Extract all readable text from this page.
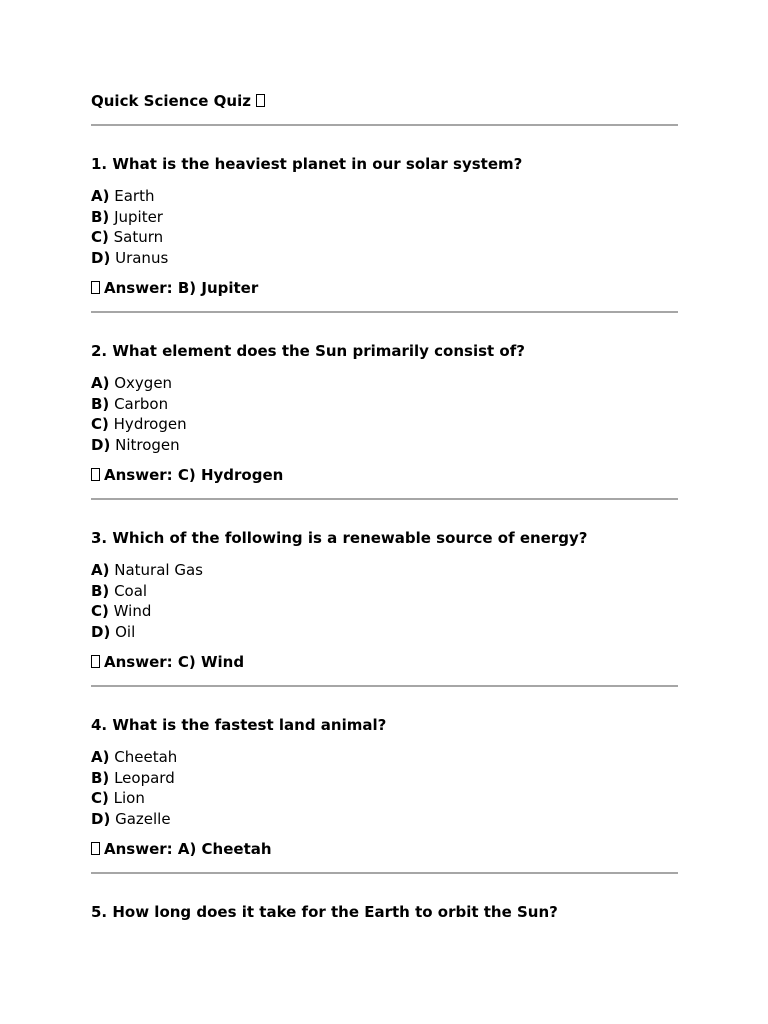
Quick Science Quiz

1. What is the heaviest planet in our solar system?

A) Earth
B) Jupiter
C) Saturn
D) Uranus
Answer: B) Jupiter

2. What element does the Sun primarily consist of?

A) Oxygen
B) Carbon
C) Hydrogen
D) Nitrogen
Answer: C) Hydrogen

3. Which of the following is a renewable source of energy?

A) Natural Gas
B) Coal
C) Wind
D) Oil
Answer: C) Wind

4. What is the fastest land animal?

A) Cheetah
B) Leopard
C) Lion
D) Gazelle
Answer: A) Cheetah

5. How long does it take for the Earth to orbit the Sun?
